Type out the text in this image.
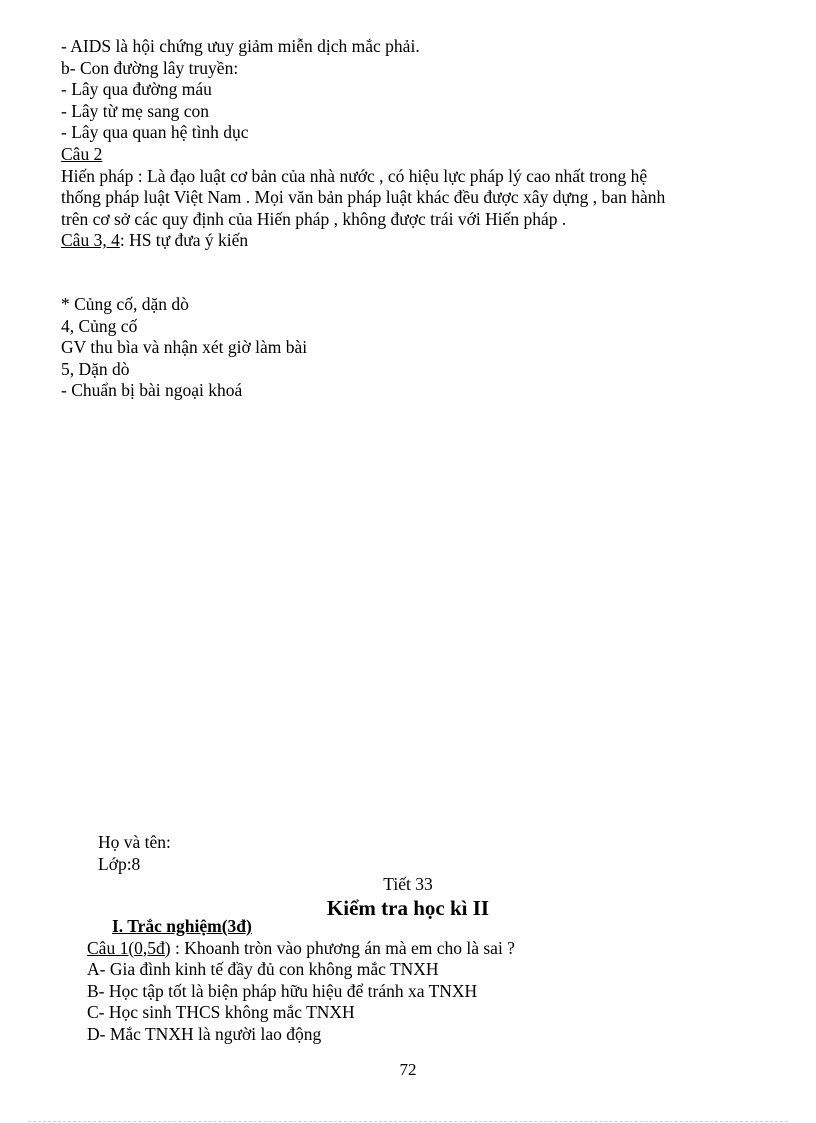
- AIDS là hội chứng ưuy giảm miễn dịch mắc phải.
b- Con đường lây truyền:
- Lây qua đường máu
- Lây từ mẹ sang con
- Lây qua quan hệ tình dục
Câu 2
Hiến pháp : Là đạo luật cơ bản của nhà nước , có hiệu lực pháp lý cao nhất trong hệ
thống pháp luật Việt Nam . Mọi văn bản pháp luật khác đều được xây dựng , ban hành
trên cơ sở các quy định của Hiến pháp , không được trái với Hiến pháp .
Câu 3, 4: HS tự đưa ý kiến
* Củng cố, dặn dò
4, Củng cố
GV thu bìa và nhận xét giờ làm bài
5, Dặn dò
- Chuẩn bị bài ngoại khoá
Họ và tên:
Lớp:8
Tiết 33
Kiểm tra học kì II
I. Trắc nghiệm(3đ)
Câu 1(0,5đ) : Khoanh tròn vào phương án mà em cho là sai ?
A- Gia đình kinh tế đầy đủ con không mắc TNXH
B- Học tập tốt là biện pháp hữu hiệu để tránh xa TNXH
C- Học sinh THCS không mắc TNXH
D- Mắc TNXH là người lao động
72
